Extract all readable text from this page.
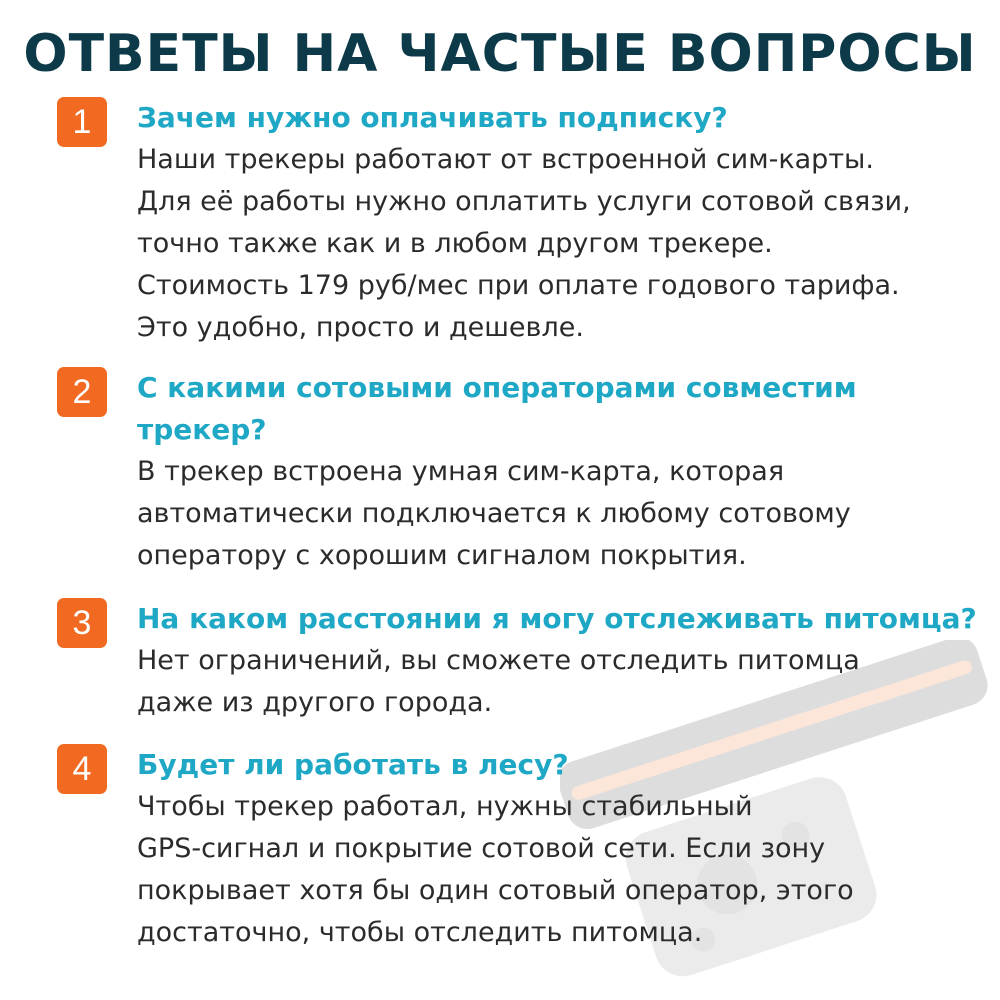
ОТВЕТЫ НА ЧАСТЫЕ ВОПРОСЫ
1	Зачем нужно оплачивать подписку?
Наши трекеры работают от встроенной сим-карты.
Для её работы нужно оплатить услуги сотовой связи,
точно также как и в любом другом трекере.
Стоимость 179 руб/мес при оплате годового тарифа.
Это удобно, просто и дешевле.
2	С какими сотовыми операторами совместим
трекер?
В трекер встроена умная сим-карта, которая
автоматически подключается к любому сотовому
оператору с хорошим сигналом покрытия.
3	На каком расстоянии я могу отслеживать питомца?
Нет ограничений, вы сможете отследить питомца
даже из другого города.
4	Будет ли работать в лесу?
Чтобы трекер работал, нужны стабильный
GPS-сигнал и покрытие сотовой сети. Если зону
покрывает хотя бы один сотовый оператор, этого
достаточно, чтобы отследить питомца.
